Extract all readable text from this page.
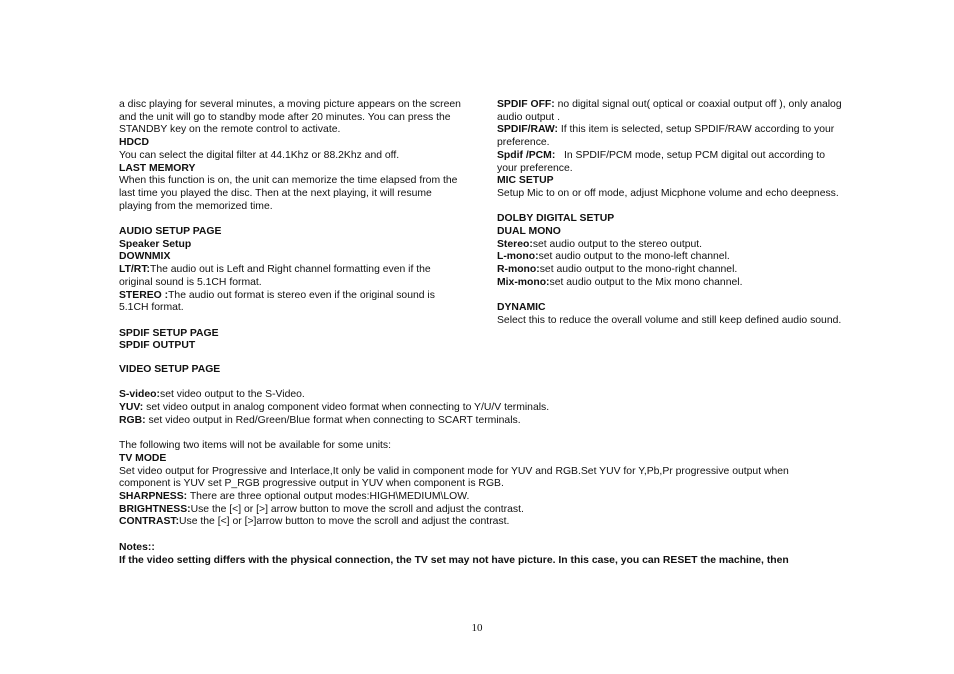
a disc playing for several minutes, a moving picture appears on the screen and the unit will go to standby mode after 20 minutes. You can press the STANDBY key on the remote control to activate.

HDCD

You can select the digital filter at 44.1Khz or 88.2Khz and off.

LAST MEMORY

When this function is on, the unit can memorize the time elapsed from the last time you played the disc. Then at the next playing, it will resume playing from the memorized time.

AUDIO SETUP PAGE

Speaker Setup

DOWNMIX

LT/RT:The audio out is Left and Right channel formatting even if the original sound is 5.1CH format.

STEREO :The audio out format is stereo even if the original sound is 5.1CH format.

SPDIF SETUP PAGE

SPDIF OUTPUT

SPDIF OFF: no digital signal out( optical or coaxial output off ), only analog audio output .

SPDIF/RAW: If this item is selected, setup SPDIF/RAW according to your preference.

Spdif /PCM:   In SPDIF/PCM mode, setup PCM digital out according to your preference.

MIC SETUP

Setup Mic to on or off mode, adjust Micphone volume and echo deepness.

DOLBY DIGITAL SETUP

DUAL MONO

Stereo:set audio output to the stereo output.

L-mono:set audio output to the mono-left channel.

R-mono:set audio output to the mono-right channel.

Mix-mono:set audio output to the Mix mono channel.

DYNAMIC

Select this to reduce the overall volume and still keep defined audio sound.

VIDEO SETUP PAGE

S-video:set video output to the S-Video.

YUV: set video output in analog component video format when connecting to Y/U/V terminals.

RGB: set video output in Red/Green/Blue format when connecting to SCART terminals.

The following two items will not be available for some units:

TV MODE

Set video output for Progressive and Interlace,It only be valid in component mode for YUV and RGB.Set YUV for Y,Pb,Pr progressive output when component is YUV set P_RGB progressive output in YUV when component is RGB.

SHARPNESS: There are three optional output modes:HIGH\MEDIUM\LOW.

BRIGHTNESS:Use the [<] or [>] arrow button to move the scroll and adjust the contrast.

CONTRAST:Use the [<] or [>]arrow button to move the scroll and adjust the contrast.

Notes::

If the video setting differs with the physical connection, the TV set may not have picture. In this case, you can RESET the machine, then

10
